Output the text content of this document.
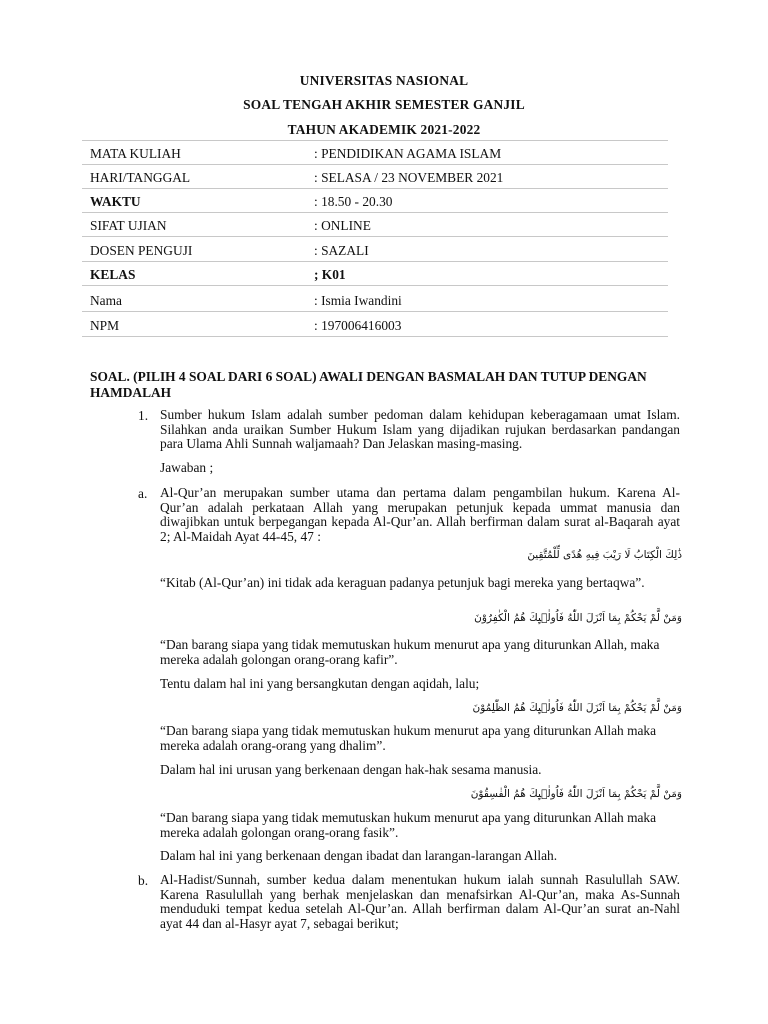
UNIVERSITAS NASIONAL
SOAL TENGAH AKHIR SEMESTER GANJIL
TAHUN AKADEMIK 2021-2022
MATA KULIAH	: PENDIDIKAN AGAMA ISLAM
HARI/TANGGAL	: SELASA / 23 NOVEMBER 2021
WAKTU	: 18.50 - 20.30
SIFAT UJIAN	: ONLINE
DOSEN PENGUJI	: SAZALI
KELAS	; K01
Nama	: Ismia Iwandini
NPM	: 197006416003
SOAL. (PILIH 4 SOAL DARI 6 SOAL) AWALI DENGAN BASMALAH DAN TUTUP DENGAN HAMDALAH
1. Sumber hukum Islam adalah sumber pedoman dalam kehidupan keberagamaan umat Islam. Silahkan anda uraikan Sumber Hukum Islam yang dijadikan rujukan berdasarkan pandangan para Ulama Ahli Sunnah waljamaah? Dan Jelaskan masing-masing.
Jawaban ;
a. Al-Qur’an merupakan sumber utama dan pertama dalam pengambilan hukum. Karena Al-Qur’an adalah perkataan Allah yang merupakan petunjuk kepada ummat manusia dan diwajibkan untuk berpegangan kepada Al-Qur’an. Allah berfirman dalam surat al-Baqarah ayat 2; Al-Maidah Ayat 44-45, 47 :
ذَٰلِكَ الْكِتَابُ لَا رَيْبَ فِيهِ هُدًى لِّلْمُتَّقِينَ
“Kitab (Al-Qur’an) ini tidak ada keraguan padanya petunjuk bagi mereka yang bertaqwa”.
وَمَنْ لَّمْ يَحْكُمْ بِمَا اَنْزَلَ اللّٰهُ فَاُولٰۤىِٕكَ هُمُ الْكٰفِرُوْنَ
“Dan barang siapa yang tidak memutuskan hukum menurut apa yang diturunkan Allah, maka mereka adalah golongan orang-orang kafir”.
Tentu dalam hal ini yang bersangkutan dengan aqidah, lalu;
وَمَنْ لَّمْ يَحْكُمْ بِمَا اَنْزَلَ اللّٰهُ فَاُولٰۤىِٕكَ هُمُ الظّٰلِمُوْنَ
“Dan barang siapa yang tidak memutuskan hukum menurut apa yang diturunkan Allah maka mereka adalah orang-orang yang dhalim”.
Dalam hal ini urusan yang berkenaan dengan hak-hak sesama manusia.
وَمَنْ لَّمْ يَحْكُمْ بِمَا اَنْزَلَ اللّٰهُ فَاُولٰۤىِٕكَ هُمُ الْفٰسِقُوْنَ
“Dan barang siapa yang tidak memutuskan hukum menurut apa yang diturunkan Allah maka mereka adalah golongan orang-orang fasik”.
Dalam hal ini yang berkenaan dengan ibadat dan larangan-larangan Allah.
b. Al-Hadist/Sunnah, sumber kedua dalam menentukan hukum ialah sunnah Rasulullah SAW. Karena Rasulullah yang berhak menjelaskan dan menafsirkan Al-Qur’an, maka As-Sunnah menduduki tempat kedua setelah Al-Qur’an. Allah berfirman dalam Al-Qur’an surat an-Nahl ayat 44 dan al-Hasyr ayat 7, sebagai berikut;
